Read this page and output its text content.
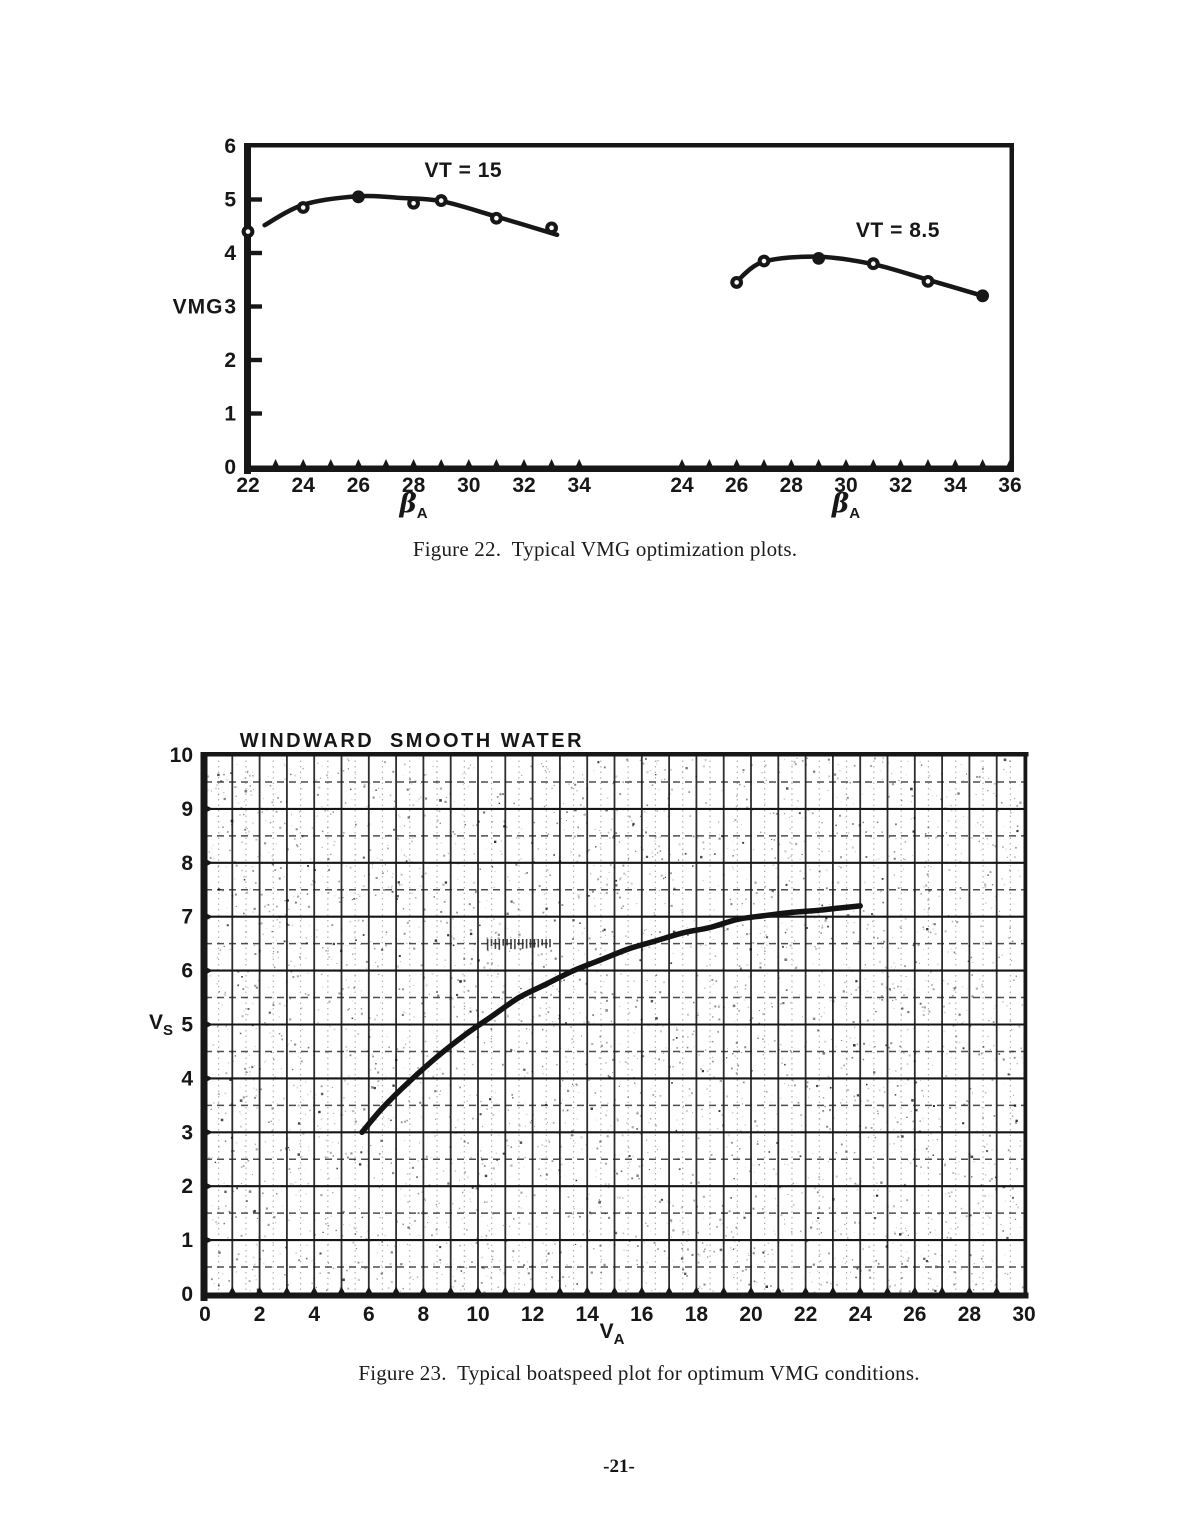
0
1
2
3
4
5
6
VMG
22 24 26 28 30 32 34
βA
24 26 28 30 32 34 36
βA
VT = 15
VT = 8.5
0
1
2
3
4
5
6
7
8
9
10
0 2 4 6 8 10 12 14 16 18 20 22 24 26 28 30
WINDWARD SMOOTH WATER
VS
VA
Figure 22.  Typical VMG optimization plots.
Figure 23.  Typical boatspeed plot for optimum VMG conditions.
-21-
